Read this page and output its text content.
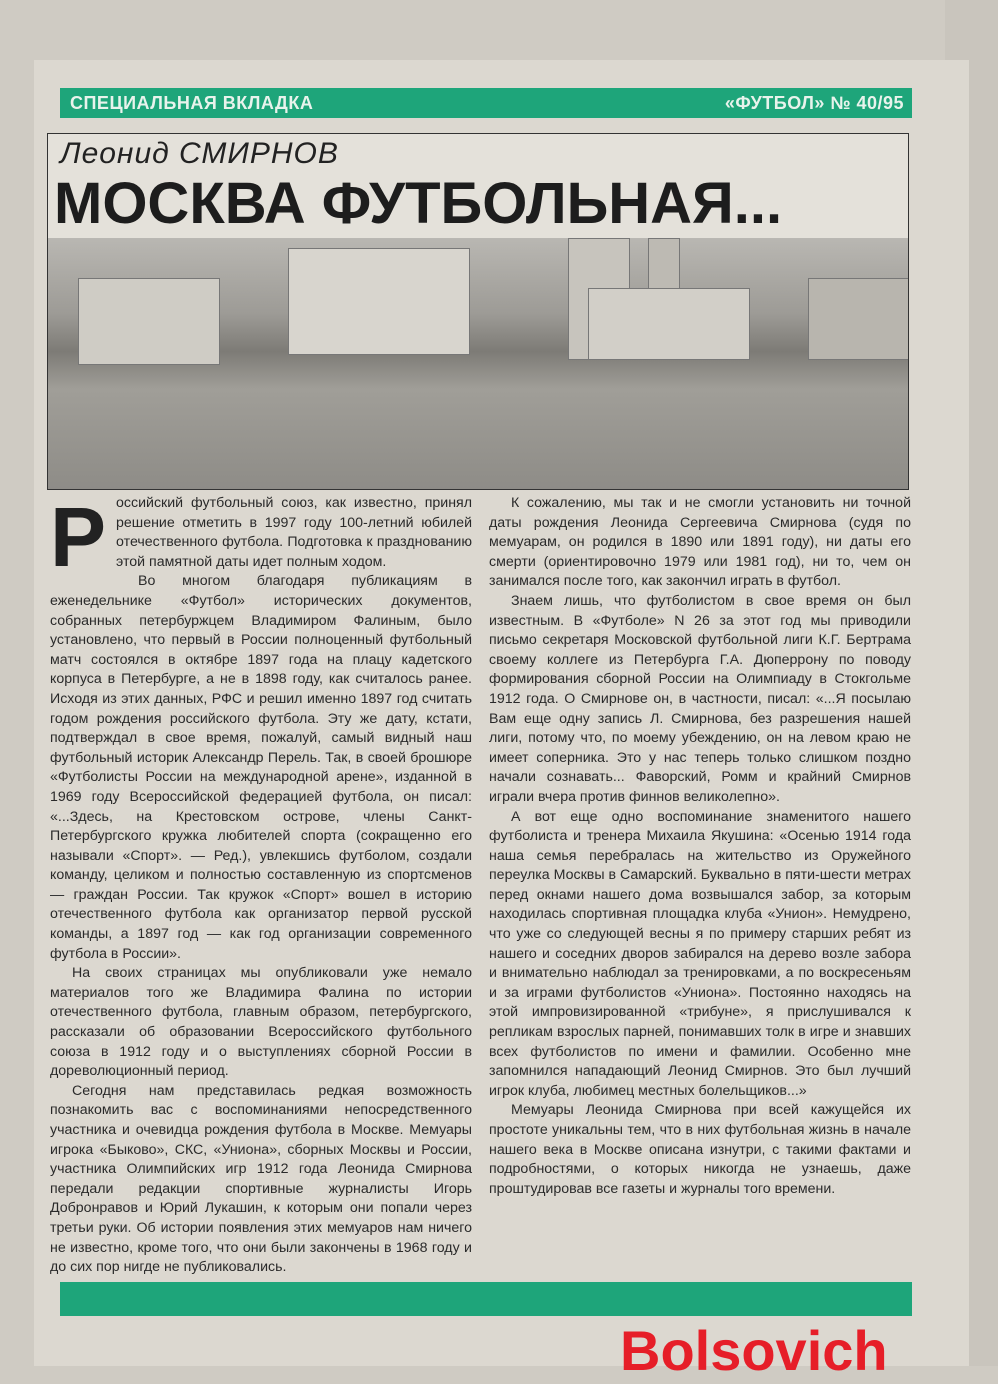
СПЕЦИАЛЬНАЯ ВКЛАДКА	«ФУТБОЛ» № 40/95
Леонид СМИРНОВ
МОСКВА ФУТБОЛЬНАЯ...

Российский футбольный союз, как известно, принял решение отметить в 1997 году 100-летний юбилей отечественного футбола. Подготовка к празднованию этой памятной даты идет полным ходом.

Во многом благодаря публикациям в еженедельнике «Футбол» исторических документов, собранных петербуржцем Владимиром Фалиным, было установлено, что первый в России полноценный футбольный матч состоялся в октябре 1897 года на плацу кадетского корпуса в Петербурге, а не в 1898 году, как считалось ранее. Исходя из этих данных, РФС и решил именно 1897 год считать годом рождения российского футбола. Эту же дату, кстати, подтверждал в свое время, пожалуй, самый видный наш футбольный историк Александр Перель. Так, в своей брошюре «Футболисты России на международной арене», изданной в 1969 году Всероссийской федерацией футбола, он писал: «...Здесь, на Крестовском острове, члены Санкт-Петербургского кружка любителей спорта (сокращенно его называли «Спорт». — Ред.), увлекшись футболом, создали команду, целиком и полностью составленную из спортсменов — граждан России. Так кружок «Спорт» вошел в историю отечественного футбола как организатор первой русской команды, а 1897 год — как год организации современного футбола в России».

На своих страницах мы опубликовали уже немало материалов того же Владимира Фалина по истории отечественного футбола, главным образом, петербургского, рассказали об образовании Всероссийского футбольного союза в 1912 году и о выступлениях сборной России в дореволюционный период.

Сегодня нам представилась редкая возможность познакомить вас с воспоминаниями непосредственного участника и очевидца рождения футбола в Москве. Мемуары игрока «Быково», СКС, «Униона», сборных Москвы и России, участника Олимпийских игр 1912 года Леонида Смирнова передали редакции спортивные журналисты Игорь Добронравов и Юрий Лукашин, к которым они попали через третьи руки. Об истории появления этих мемуаров нам ничего не известно, кроме того, что они были закончены в 1968 году и до сих пор нигде не публиковались.

К сожалению, мы так и не смогли установить ни точной даты рождения Леонида Сергеевича Смирнова (судя по мемуарам, он родился в 1890 или 1891 году), ни даты его смерти (ориентировочно 1979 или 1981 год), ни то, чем он занимался после того, как закончил играть в футбол.

Знаем лишь, что футболистом в свое время он был известным. В «Футболе» N 26 за этот год мы приводили письмо секретаря Московской футбольной лиги К.Г. Бертрама своему коллеге из Петербурга Г.А. Дюперрону по поводу формирования сборной России на Олимпиаду в Стокгольме 1912 года. О Смирнове он, в частности, писал: «...Я посылаю Вам еще одну запись Л. Смирнова, без разрешения нашей лиги, потому что, по моему убеждению, он на левом краю не имеет соперника. Это у нас теперь только слишком поздно начали сознавать... Фаворский, Ромм и крайний Смирнов играли вчера против финнов великолепно».

А вот еще одно воспоминание знаменитого нашего футболиста и тренера Михаила Якушина: «Осенью 1914 года наша семья перебралась на жительство из Оружейного переулка Москвы в Самарский. Буквально в пяти-шести метрах перед окнами нашего дома возвышался забор, за которым находилась спортивная площадка клуба «Унион». Немудрено, что уже со следующей весны я по примеру старших ребят из нашего и соседних дворов забирался на дерево возле забора и внимательно наблюдал за тренировками, а по воскресеньям и за играми футболистов «Униона». Постоянно находясь на этой импровизированной «трибуне», я прислушивался к репликам взрослых парней, понимавших толк в игре и знавших всех футболистов по имени и фамилии. Особенно мне запомнился нападающий Леонид Смирнов. Это был лучший игрок клуба, любимец местных болельщиков...»

Мемуары Леонида Смирнова при всей кажущейся их простоте уникальны тем, что в них футбольная жизнь в начале нашего века в Москве описана изнутри, с такими фактами и подробностями, о которых никогда не узнаешь, даже проштудировав все газеты и журналы того времени.

Bolsovich
